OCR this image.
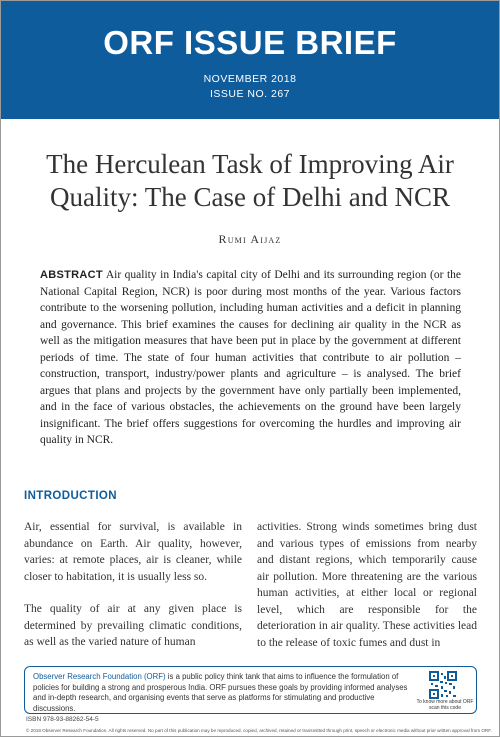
ORF ISSUE BRIEF
NOVEMBER 2018
ISSUE NO. 267
The Herculean Task of Improving Air Quality: The Case of Delhi and NCR
Rumi Aijaz
ABSTRACT Air quality in India's capital city of Delhi and its surrounding region (or the National Capital Region, NCR) is poor during most months of the year. Various factors contribute to the worsening pollution, including human activities and a deficit in planning and governance. This brief examines the causes for declining air quality in the NCR as well as the mitigation measures that have been put in place by the government at different periods of time. The state of four human activities that contribute to air pollution – construction, transport, industry/power plants and agriculture – is analysed. The brief argues that plans and projects by the government have only partially been implemented, and in the face of various obstacles, the achievements on the ground have been largely insignificant. The brief offers suggestions for overcoming the hurdles and improving air quality in NCR.
INTRODUCTION

Air, essential for survival, is available in abundance on Earth. Air quality, however, varies: at remote places, air is cleaner, while closer to habitation, it is usually less so.

The quality of air at any given place is determined by prevailing climatic conditions, as well as the varied nature of human

activities. Strong winds sometimes bring dust and various types of emissions from nearby and distant regions, which temporarily cause air pollution. More threatening are the various human activities, at either local or regional level, which are responsible for the deterioration in air quality. These activities lead to the release of toxic fumes and dust in

Observer Research Foundation (ORF) is a public policy think tank that aims to influence the formulation of policies for building a strong and prosperous India. ORF pursues these goals by providing informed analyses and in-depth research, and organising events that serve as platforms for stimulating and productive discussions.
To know more about ORF scan this code
ISBN 978-93-88262-54-5
© 2018 Observer Research Foundation. All rights reserved. No part of this publication may be reproduced, copied, archived, retained or transmitted through print, speech or electronic media without prior written approval from ORF.
